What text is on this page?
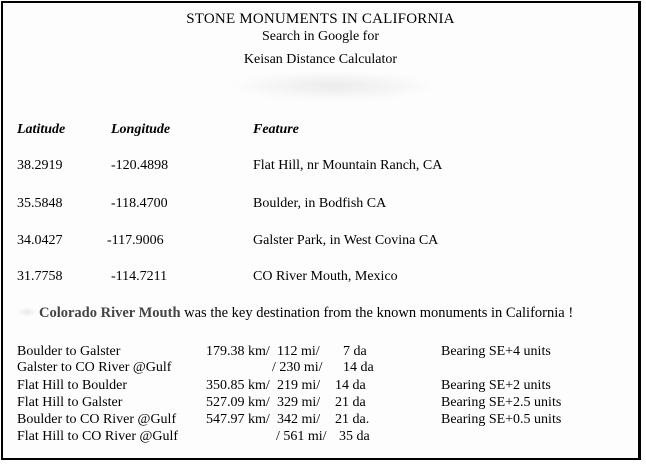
STONE MONUMENTS IN CALIFORNIA
Search in Google for
Keisan Distance Calculator
Latitude	Longitude	Feature
38.2919	-120.4898	Flat Hill, nr Mountain Ranch, CA
35.5848	-118.4700	Boulder, in Bodfish CA
34.0427	-117.9006	Galster Park, in West Covina CA
31.7758	-114.7211	CO River Mouth, Mexico
Colorado River Mouth was the key destination from the known monuments in California !
Boulder to Galster	179.38 km/ 112 mi/ 7 da	Bearing SE+4 units
Galster to CO River @Gulf	/ 230 mi/ 14 da
Flat Hill to Boulder	350.85 km/ 219 mi/ 14 da	Bearing SE+2 units
Flat Hill to Galster	527.09 km/ 329 mi/ 21 da	Bearing SE+2.5 units
Boulder to CO River @Gulf 547.97 km/ 342 mi/ 21 da.	Bearing SE+0.5 units
Flat Hill to CO River @Gulf	/ 561 mi/ 35 da
